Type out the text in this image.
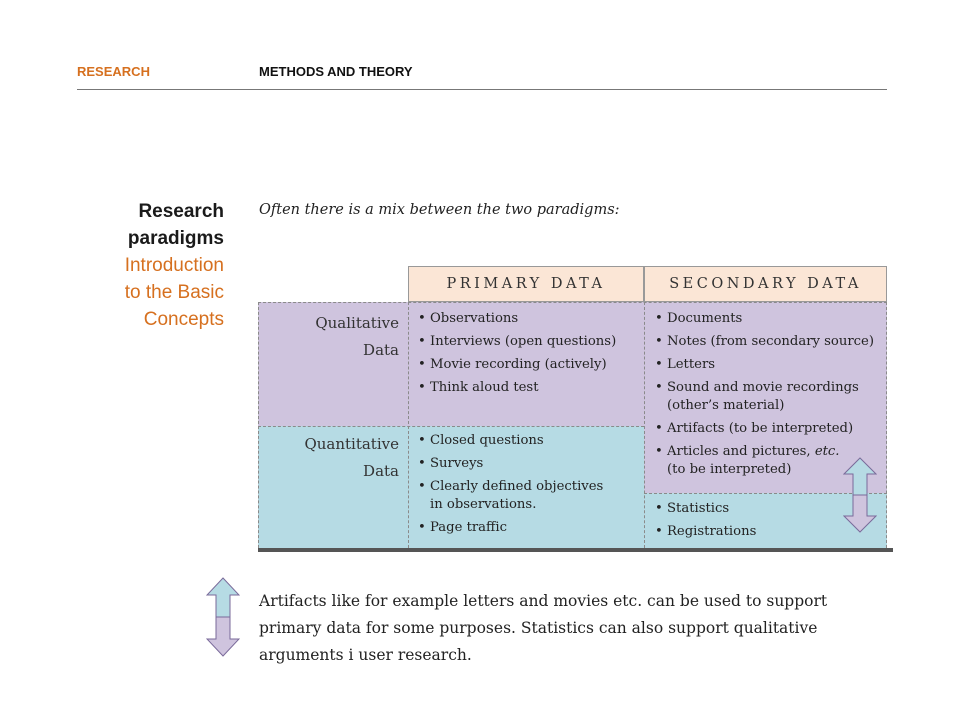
RESEARCH	METHODS AND THEORY
Research
paradigms
Introduction
to the Basic
Concepts
Often there is a mix between the two paradigms:
PRIMARY DATA	SECONDARY DATA
Qualitative
Data
Quantitative
Data
• Observations
• Interviews (open questions)
• Movie recording (actively)
• Think aloud test
• Closed questions
• Surveys
• Clearly defined objectives
in observations.
• Page traffic
• Documents
• Notes (from secondary source)
• Letters
• Sound and movie recordings
(other’s material)
• Artifacts (to be interpreted)
• Articles and pictures, etc.
(to be interpreted)
• Statistics
• Registrations
Artifacts like for example letters and movies etc. can be used to support
primary data for some purposes. Statistics can also support qualitative
arguments i user research.
